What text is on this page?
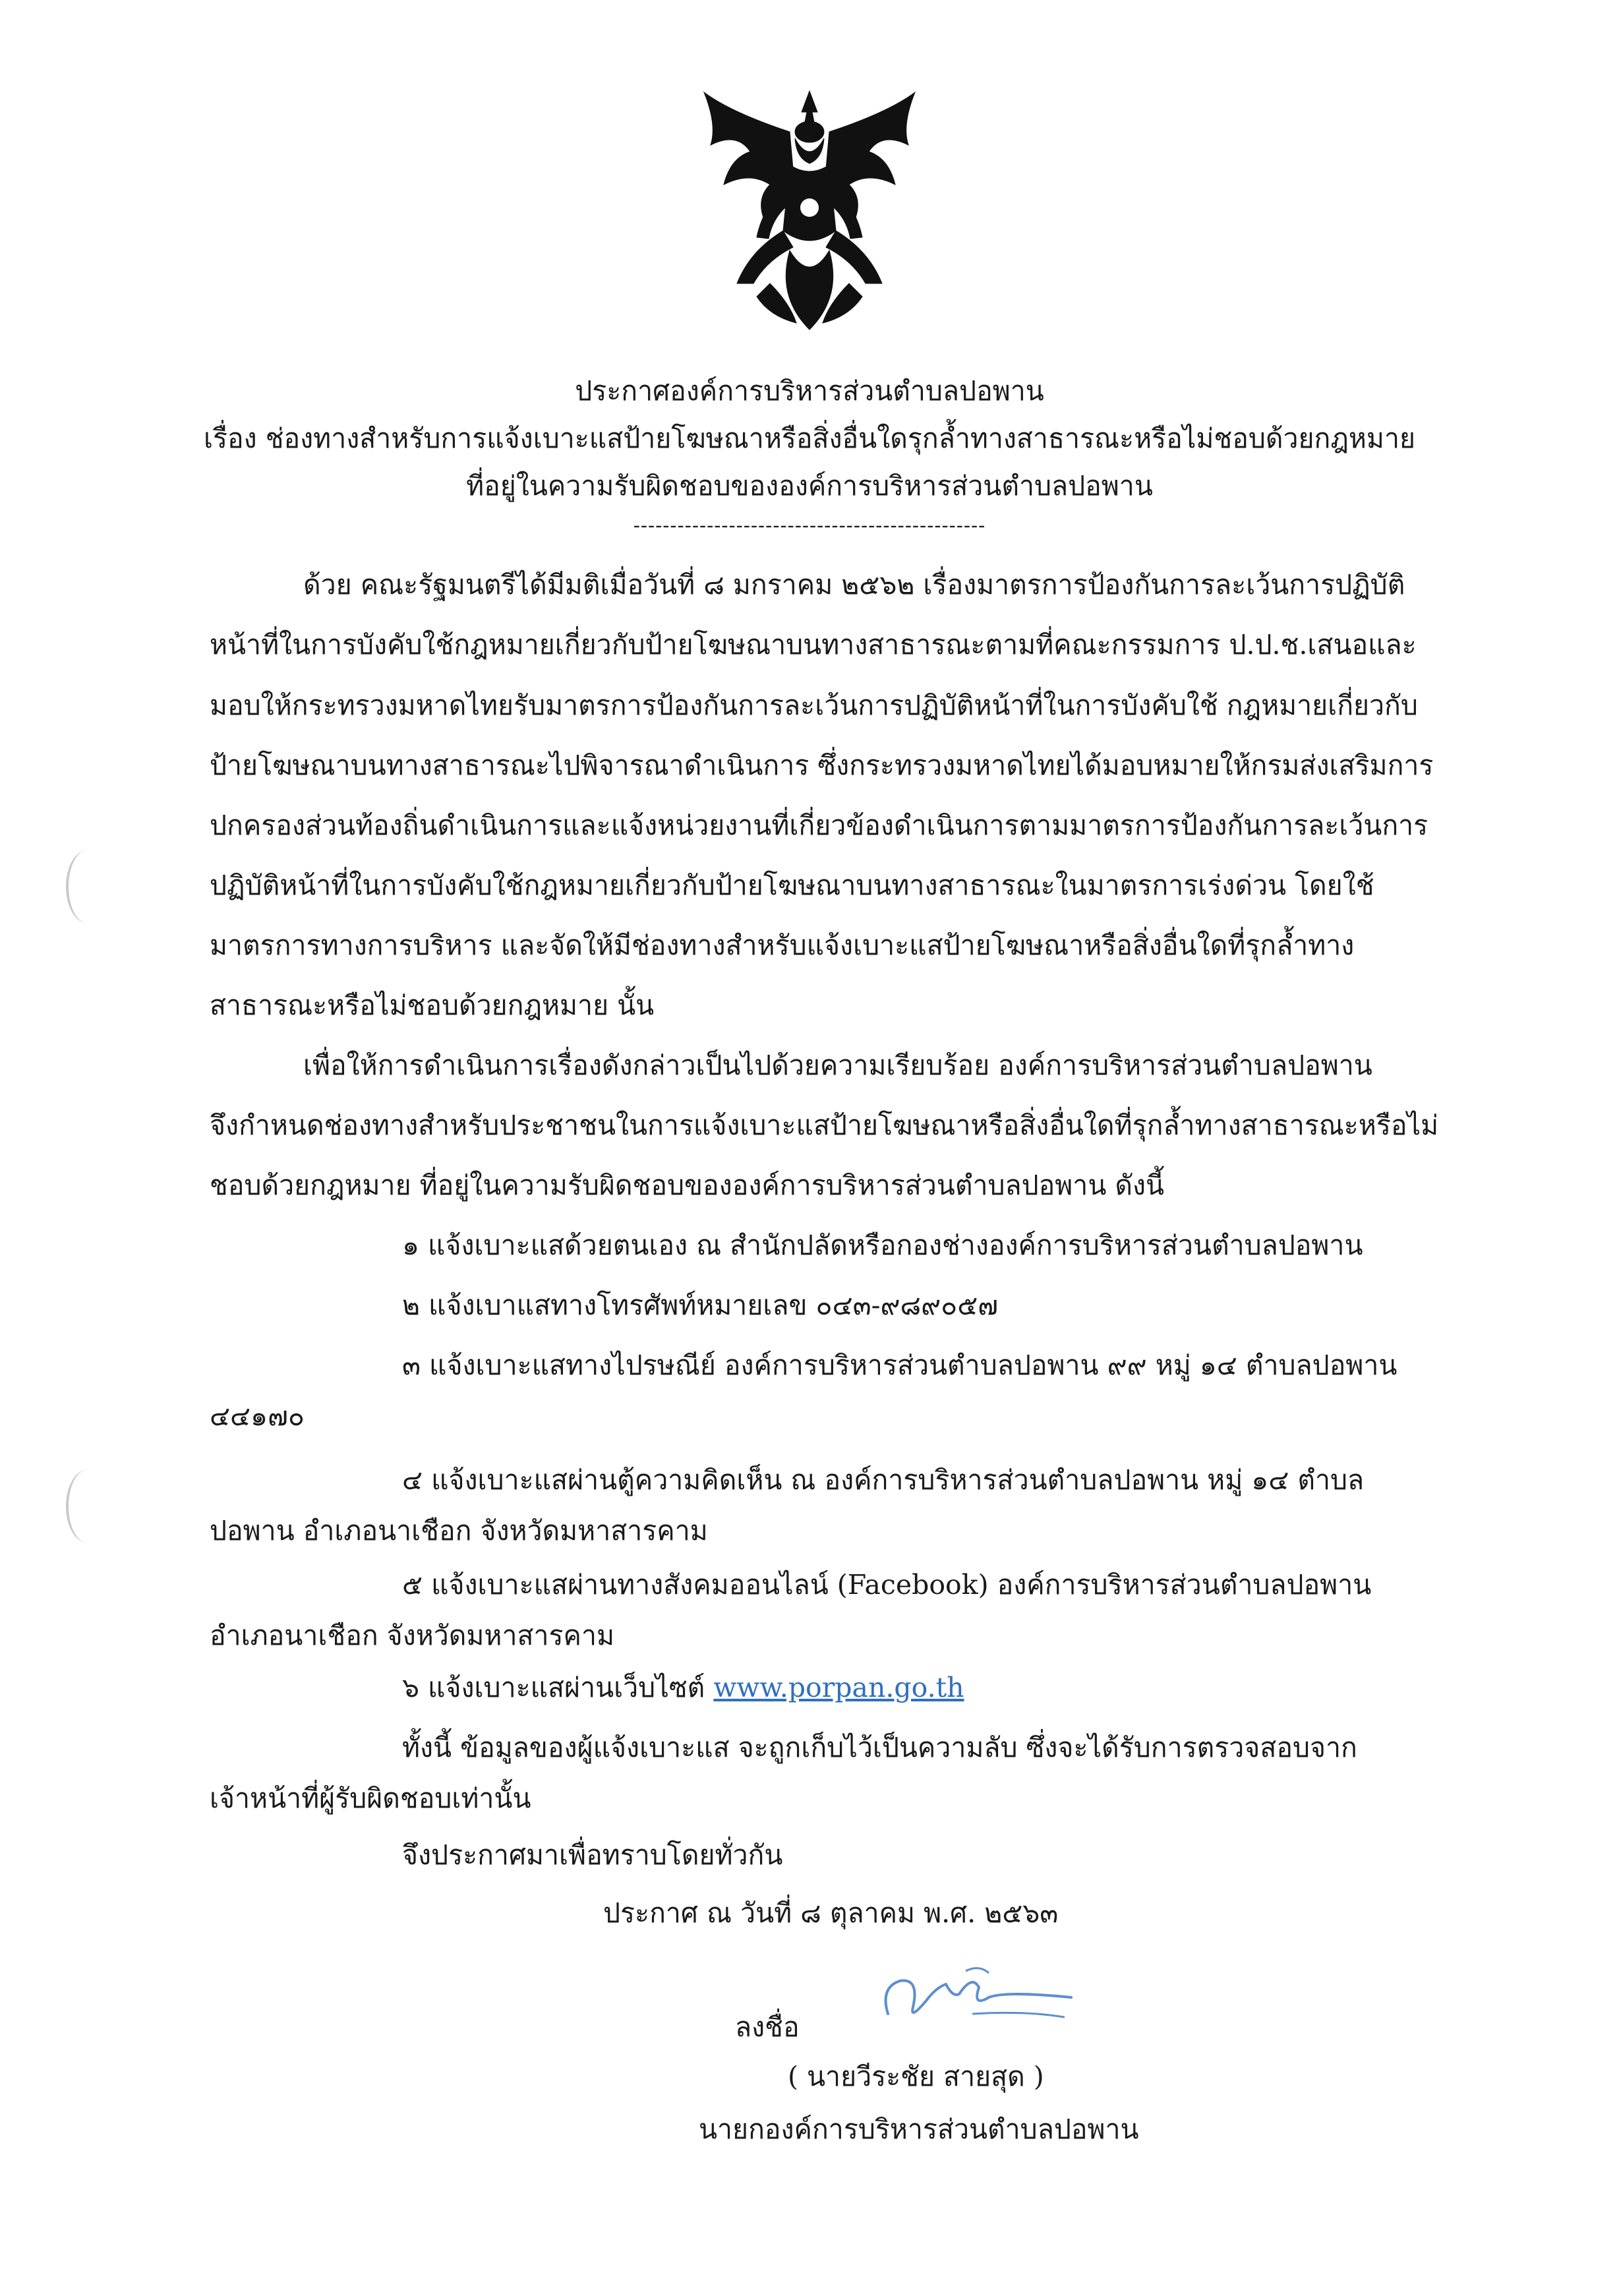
ประกาศองค์การบริหารส่วนตำบลปอพาน
เรื่อง ช่องทางสำหรับการแจ้งเบาะแสป้ายโฆษณาหรือสิ่งอื่นใดรุกล้ำทางสาธารณะหรือไม่ชอบด้วยกฎหมาย
ที่อยู่ในความรับผิดชอบขององค์การบริหารส่วนตำบลปอพาน
------------------------------------------------
ด้วย คณะรัฐมนตรีได้มีมติเมื่อวันที่ ๘ มกราคม ๒๕๖๒ เรื่องมาตรการป้องกันการละเว้นการปฏิบัติ
หน้าที่ในการบังคับใช้กฎหมายเกี่ยวกับป้ายโฆษณาบนทางสาธารณะตามที่คณะกรรมการ ป.ป.ช.เสนอและ
มอบให้กระทรวงมหาดไทยรับมาตรการป้องกันการละเว้นการปฏิบัติหน้าที่ในการบังคับใช้ กฎหมายเกี่ยวกับ
ป้ายโฆษณาบนทางสาธารณะไปพิจารณาดำเนินการ ซึ่งกระทรวงมหาดไทยได้มอบหมายให้กรมส่งเสริมการ
ปกครองส่วนท้องถิ่นดำเนินการและแจ้งหน่วยงานที่เกี่ยวข้องดำเนินการตามมาตรการป้องกันการละเว้นการ
ปฏิบัติหน้าที่ในการบังคับใช้กฎหมายเกี่ยวกับป้ายโฆษณาบนทางสาธารณะในมาตรการเร่งด่วน โดยใช้
มาตรการทางการบริหาร และจัดให้มีช่องทางสำหรับแจ้งเบาะแสป้ายโฆษณาหรือสิ่งอื่นใดที่รุกล้ำทาง
สาธารณะหรือไม่ชอบด้วยกฎหมาย นั้น
เพื่อให้การดำเนินการเรื่องดังกล่าวเป็นไปด้วยความเรียบร้อย องค์การบริหารส่วนตำบลปอพาน
จึงกำหนดช่องทางสำหรับประชาชนในการแจ้งเบาะแสป้ายโฆษณาหรือสิ่งอื่นใดที่รุกล้ำทางสาธารณะหรือไม่
ชอบด้วยกฎหมาย ที่อยู่ในความรับผิดชอบขององค์การบริหารส่วนตำบลปอพาน ดังนี้
๑ แจ้งเบาะแสด้วยตนเอง ณ สำนักปลัดหรือกองช่างองค์การบริหารส่วนตำบลปอพาน
๒ แจ้งเบาแสทางโทรศัพท์หมายเลข ๐๔๓-๙๘๙๐๕๗
๓ แจ้งเบาะแสทางไปรษณีย์ องค์การบริหารส่วนตำบลปอพาน ๙๙ หมู่ ๑๔ ตำบลปอพาน
๔๔๑๗๐
๔ แจ้งเบาะแสผ่านตู้ความคิดเห็น ณ องค์การบริหารส่วนตำบลปอพาน หมู่ ๑๔ ตำบล
ปอพาน อำเภอนาเชือก จังหวัดมหาสารคาม
๕ แจ้งเบาะแสผ่านทางสังคมออนไลน์ (Facebook) องค์การบริหารส่วนตำบลปอพาน
อำเภอนาเชือก จังหวัดมหาสารคาม
๖ แจ้งเบาะแสผ่านเว็บไซต์ www.porpan.go.th
ทั้งนี้ ข้อมูลของผู้แจ้งเบาะแส จะถูกเก็บไว้เป็นความลับ ซึ่งจะได้รับการตรวจสอบจาก
เจ้าหน้าที่ผู้รับผิดชอบเท่านั้น
จึงประกาศมาเพื่อทราบโดยทั่วกัน
ประกาศ ณ วันที่ ๘ ตุลาคม พ.ศ. ๒๕๖๓
ลงชื่อ
( นายวีระชัย สายสุด )
นายกองค์การบริหารส่วนตำบลปอพาน
